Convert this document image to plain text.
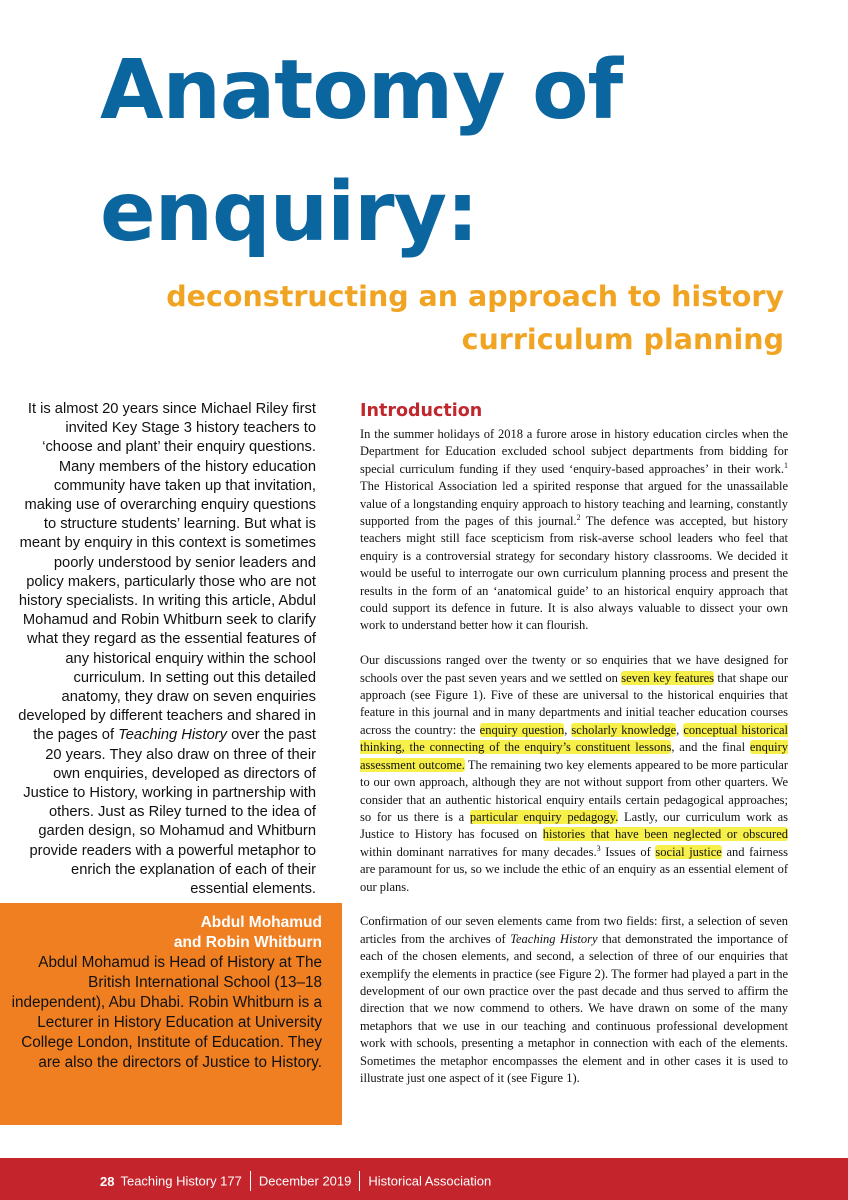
Anatomy of enquiry:
deconstructing an approach to history curriculum planning

It is almost 20 years since Michael Riley first invited Key Stage 3 history teachers to ‘choose and plant’ their enquiry questions. Many members of the history education community have taken up that invitation, making use of overarching enquiry questions to structure students’ learning. But what is meant by enquiry in this context is sometimes poorly understood by senior leaders and policy makers, particularly those who are not history specialists. In writing this article, Abdul Mohamud and Robin Whitburn seek to clarify what they regard as the essential features of any historical enquiry within the school curriculum. In setting out this detailed anatomy, they draw on seven enquiries developed by different teachers and shared in the pages of Teaching History over the past 20 years. They also draw on three of their own enquiries, developed as directors of Justice to History, working in partnership with others. Just as Riley turned to the idea of garden design, so Mohamud and Whitburn provide readers with a powerful metaphor to enrich the explanation of each of their essential elements.

Abdul Mohamud
and Robin Whitburn

Abdul Mohamud is Head of History at The British International School (13–18 independent), Abu Dhabi. Robin Whitburn is a Lecturer in History Education at University College London, Institute of Education. They are also the directors of Justice to History.

Introduction

In the summer holidays of 2018 a furore arose in history education circles when the Department for Education excluded school subject departments from bidding for special curriculum funding if they used ‘enquiry-based approaches’ in their work.$^1$ The Historical Association led a spirited response that argued for the unassailable value of a longstanding enquiry approach to history teaching and learning, constantly supported from the pages of this journal.$^2$ The defence was accepted, but history teachers might still face scepticism from risk-averse school leaders who feel that enquiry is a controversial strategy for secondary history classrooms. We decided it would be useful to interrogate our own curriculum planning process and present the results in the form of an ‘anatomical guide’ to an historical enquiry approach that could support its defence in future. It is also always valuable to dissect your own work to understand better how it can flourish.

Our discussions ranged over the twenty or so enquiries that we have designed for schools over the past seven years and we settled on seven key features that shape our approach (see Figure 1). Five of these are universal to the historical enquiries that feature in this journal and in many departments and initial teacher education courses across the country: the enquiry question, scholarly knowledge, conceptual historical thinking, the connecting of the enquiry’s constituent lessons, and the final enquiry assessment outcome. The remaining two key elements appeared to be more particular to our own approach, although they are not without support from other quarters. We consider that an authentic historical enquiry entails certain pedagogical approaches; so for us there is a particular enquiry pedagogy. Lastly, our curriculum work as Justice to History has focused on histories that have been neglected or obscured within dominant narratives for many decades.$^3$ Issues of social justice and fairness are paramount for us, so we include the ethic of an enquiry as an essential element of our plans.

Confirmation of our seven elements came from two fields: first, a selection of seven articles from the archives of Teaching History that demonstrated the importance of each of the chosen elements, and second, a selection of three of our enquiries that exemplify the elements in practice (see Figure 2). The former had played a part in the development of our own practice over the past decade and thus served to affirm the direction that we now commend to others. We have drawn on some of the many metaphors that we use in our teaching and continuous professional development work with schools, presenting a metaphor in connection with each of the elements. Sometimes the metaphor encompasses the element and in other cases it is used to illustrate just one aspect of it (see Figure 1).

28 Teaching History 177 December 2019 Historical Association
